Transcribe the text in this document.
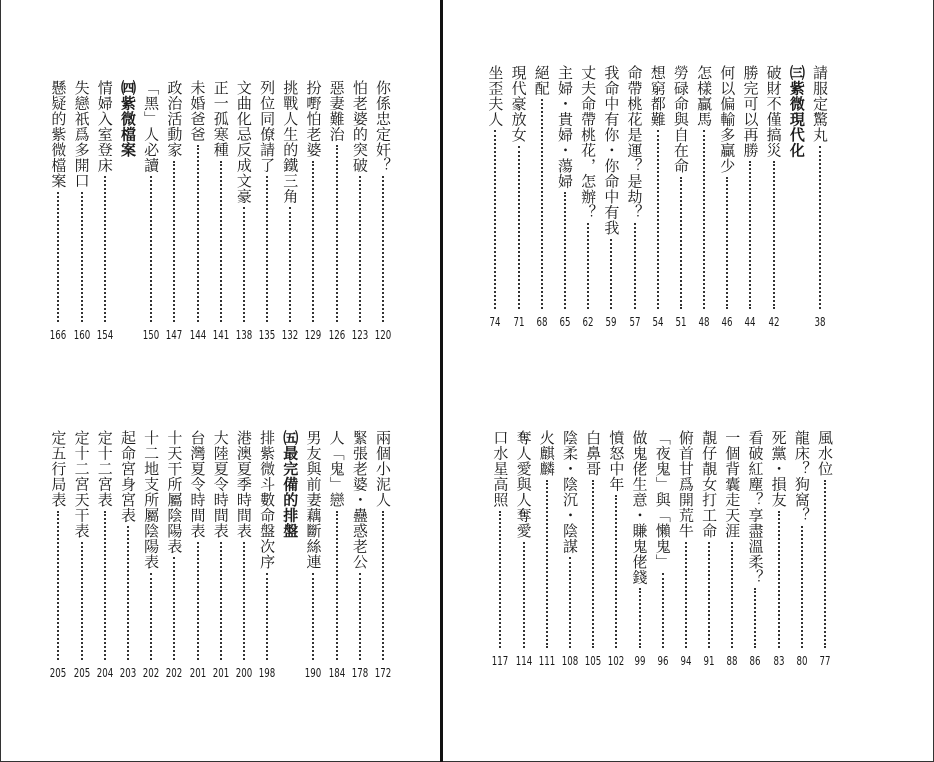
你係忠定奸？
120
怕老婆的突破
123
惡妻難治
126
扮嘢怕老婆
129
挑戰人生的鐵三角
132
列位同僚請了
135
文曲化忌反成文豪
138
正一孤寒種
141
未婚爸爸
144
政治活動家
147
「黑」人必讀
150
㈣紫微檔案
情婦入室登床
154
失戀祇爲多開口
160
懸疑的紫微檔案
166
兩個小泥人
172
緊張老婆・蠱惑老公
178
人「鬼」戀
184
男友與前妻藕斷絲連
190
㈤最完備的排盤
排紫微斗數命盤次序
198
港澳夏季時間表
200
大陸夏令時間表
201
台灣夏令時間表
201
十天干所屬陰陽表
202
十二地支所屬陰陽表
202
起命宮身宮表
203
定十二宮表
204
定十二宮天干表
205
定五行局表
205
請服定驚丸
38
㈢紫微現代化
破財不僅搞災
42
勝完可以再勝
44
何以偏輸多贏少
46
怎樣贏馬
48
勞碌命與自在命
51
想窮都難
54
命帶桃花是運？是劫？
57
我命中有你・你命中有我
59
丈夫命帶桃花，怎辦？
62
主婦・貴婦・蕩婦
65
絕配
68
現代豪放女
71
坐歪夫人
74
風水位
77
龍床？狗窩？
80
死黨・損友
83
看破紅塵？享盡溫柔？
86
一個背囊走天涯
88
靚仔靚女打工命
91
俯首甘爲開荒牛
94
「夜鬼」與「懶鬼」
96
做鬼佬生意・賺鬼佬錢
99
憤怒中年
102
白鼻哥
105
陰柔・陰沉・陰謀
108
火麒麟
111
奪人愛與人奪愛
114
口水星高照
117
